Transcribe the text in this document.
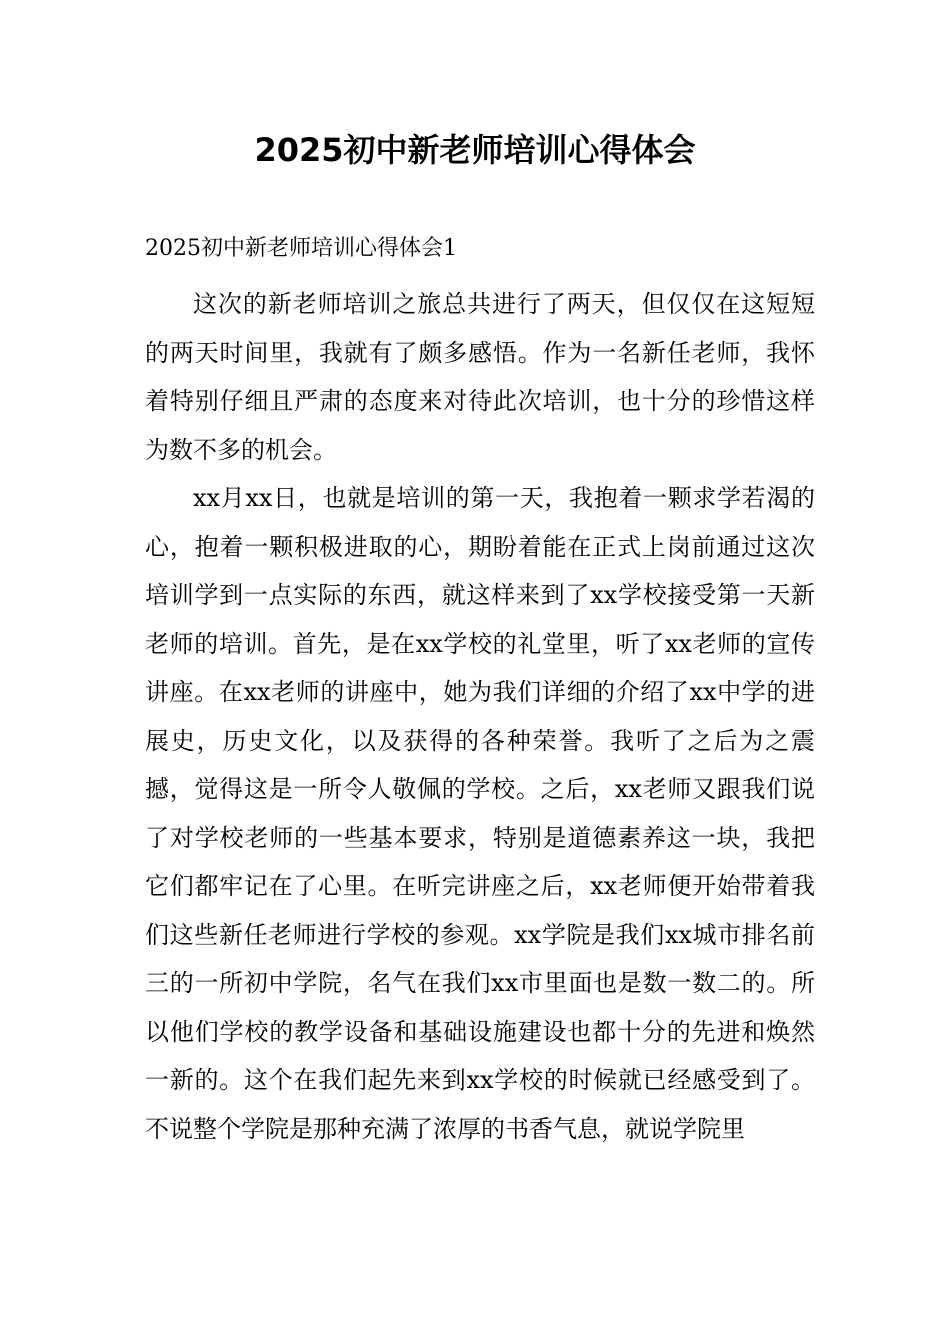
2025初中新老师培训心得体会
2025初中新老师培训心得体会1

这次的新老师培训之旅总共进行了两天，但仅仅在这短短的两天时间里，我就有了颇多感悟。作为一名新任老师，我怀着特别仔细且严肃的态度来对待此次培训，也十分的珍惜这样为数不多的机会。

xx月xx日，也就是培训的第一天，我抱着一颗求学若渴的心，抱着一颗积极进取的心，期盼着能在正式上岗前通过这次培训学到一点实际的东西，就这样来到了xx学校接受第一天新老师的培训。首先，是在xx学校的礼堂里，听了xx老师的宣传讲座。在xx老师的讲座中，她为我们详细的介绍了xx中学的进展史，历史文化，以及获得的各种荣誉。我听了之后为之震撼，觉得这是一所令人敬佩的学校。之后，xx老师又跟我们说了对学校老师的一些基本要求，特别是道德素养这一块，我把它们都牢记在了心里。在听完讲座之后，xx老师便开始带着我们这些新任老师进行学校的参观。xx学院是我们xx城市排名前三的一所初中学院，名气在我们xx市里面也是数一数二的。所以他们学校的教学设备和基础设施建设也都十分的先进和焕然一新的。这个在我们起先来到xx学校的时候就已经感受到了。不说整个学院是那种充满了浓厚的书香气息，就说学院里
